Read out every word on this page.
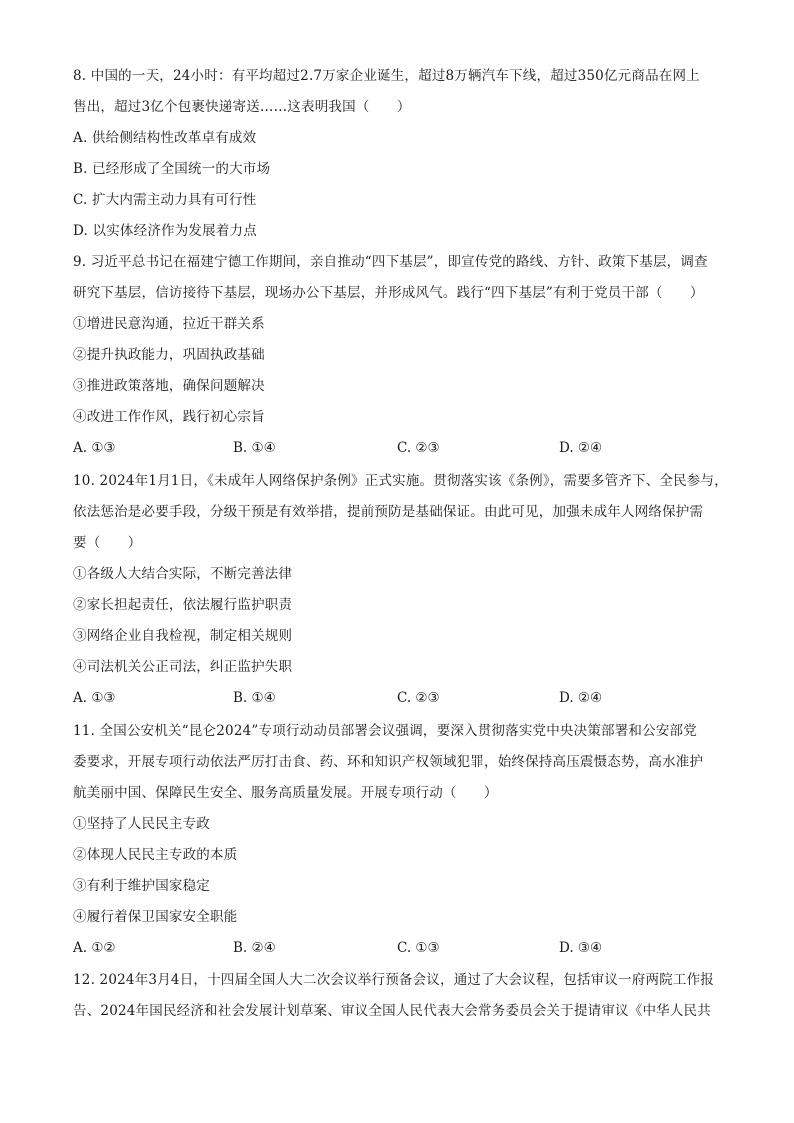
8. 中国的一天，24小时：有平均超过2.7万家企业诞生，超过8万辆汽车下线，超过350亿元商品在网上
售出，超过3亿个包裹快递寄送……这表明我国（　　）
A. 供给侧结构性改革卓有成效
B. 已经形成了全国统一的大市场
C. 扩大内需主动力具有可行性
D. 以实体经济作为发展着力点
9. 习近平总书记在福建宁德工作期间，亲自推动“四下基层”，即宣传党的路线、方针、政策下基层，调查
研究下基层，信访接待下基层，现场办公下基层，并形成风气。践行“四下基层”有利于党员干部（　　）
①增进民意沟通，拉近干群关系
②提升执政能力，巩固执政基础
③推进政策落地，确保问题解决
④改进工作作风，践行初心宗旨
A. ①③	B. ①④	C. ②③	D. ②④
10. 2024年1月1日，《未成年人网络保护条例》正式实施。贯彻落实该《条例》，需要多管齐下、全民参与，
依法惩治是必要手段，分级干预是有效举措，提前预防是基础保证。由此可见，加强未成年人网络保护需
要（　　）
①各级人大结合实际，不断完善法律
②家长担起责任，依法履行监护职责
③网络企业自我检视，制定相关规则
④司法机关公正司法，纠正监护失职
A. ①③	B. ①④	C. ②③	D. ②④
11. 全国公安机关“昆仑2024”专项行动动员部署会议强调，要深入贯彻落实党中央决策部署和公安部党
委要求，开展专项行动依法严厉打击食、药、环和知识产权领域犯罪，始终保持高压震慑态势，高水准护
航美丽中国、保障民生安全、服务高质量发展。开展专项行动（　　）
①坚持了人民民主专政
②体现人民民主专政的本质
③有利于维护国家稳定
④履行着保卫国家安全职能
A. ①②	B. ②④	C. ①③	D. ③④
12. 2024年3月4日，十四届全国人大二次会议举行预备会议，通过了大会议程，包括审议一府两院工作报
告、2024年国民经济和社会发展计划草案、审议全国人民代表大会常务委员会关于提请审议《中华人民共
